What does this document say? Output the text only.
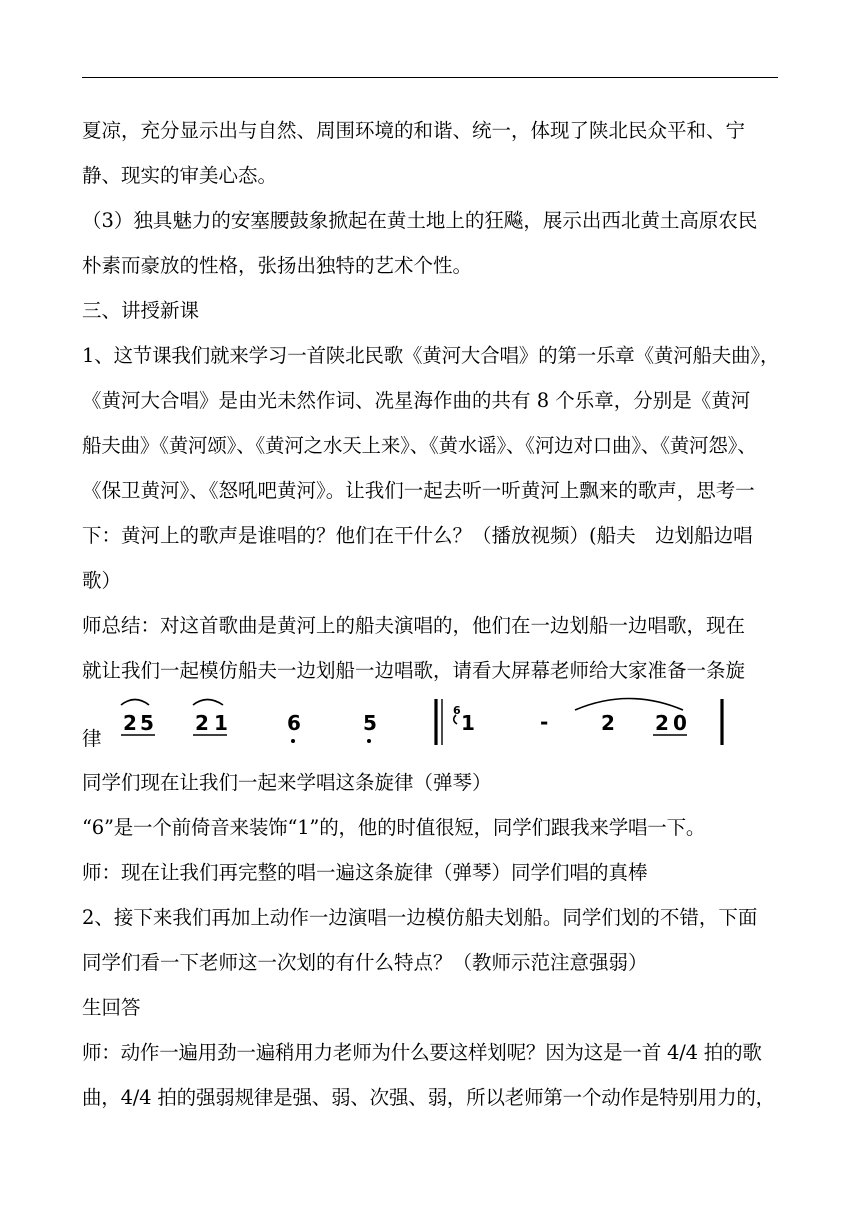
夏凉，充分显示出与自然、周围环境的和谐、统一，体现了陕北民众平和、宁
静、现实的审美心态。
（3）独具魅力的安塞腰鼓象掀起在黄土地上的狂飚，展示出西北黄土高原农民
朴素而豪放的性格，张扬出独特的艺术个性。
三、讲授新课
1、这节课我们就来学习一首陕北民歌《黄河大合唱》的第一乐章《黄河船夫曲》，
《黄河大合唱》是由光未然作词、冼星海作曲的共有 8 个乐章，分别是《黄河
船夫曲》《黄河颂》、《黄河之水天上来》、《黄水谣》、《河边对口曲》、《黄河怨》、
《保卫黄河》、《怒吼吧黄河》。让我们一起去听一听黄河上飘来的歌声，思考一
下：黄河上的歌声是谁唱的？他们在干什么？（播放视频）(船夫　边划船边唱
歌）
师总结：对这首歌曲是黄河上的船夫演唱的，他们在一边划船一边唱歌，现在
就让我们一起模仿船夫一边划船一边唱歌，请看大屏幕老师给大家准备一条旋
律
2 5 2 1	6	5
6
1	-	2 2 0
同学们现在让我们一起来学唱这条旋律（弹琴）
“6”是一个前倚音来装饰“1”的，他的时值很短，同学们跟我来学唱一下。
师：现在让我们再完整的唱一遍这条旋律（弹琴）同学们唱的真棒
2、接下来我们再加上动作一边演唱一边模仿船夫划船。同学们划的不错，下面
同学们看一下老师这一次划的有什么特点？（教师示范注意强弱）
生回答
师：动作一遍用劲一遍稍用力老师为什么要这样划呢？因为这是一首 4/4 拍的歌
曲，4/4 拍的强弱规律是强、弱、次强、弱，所以老师第一个动作是特别用力的，
